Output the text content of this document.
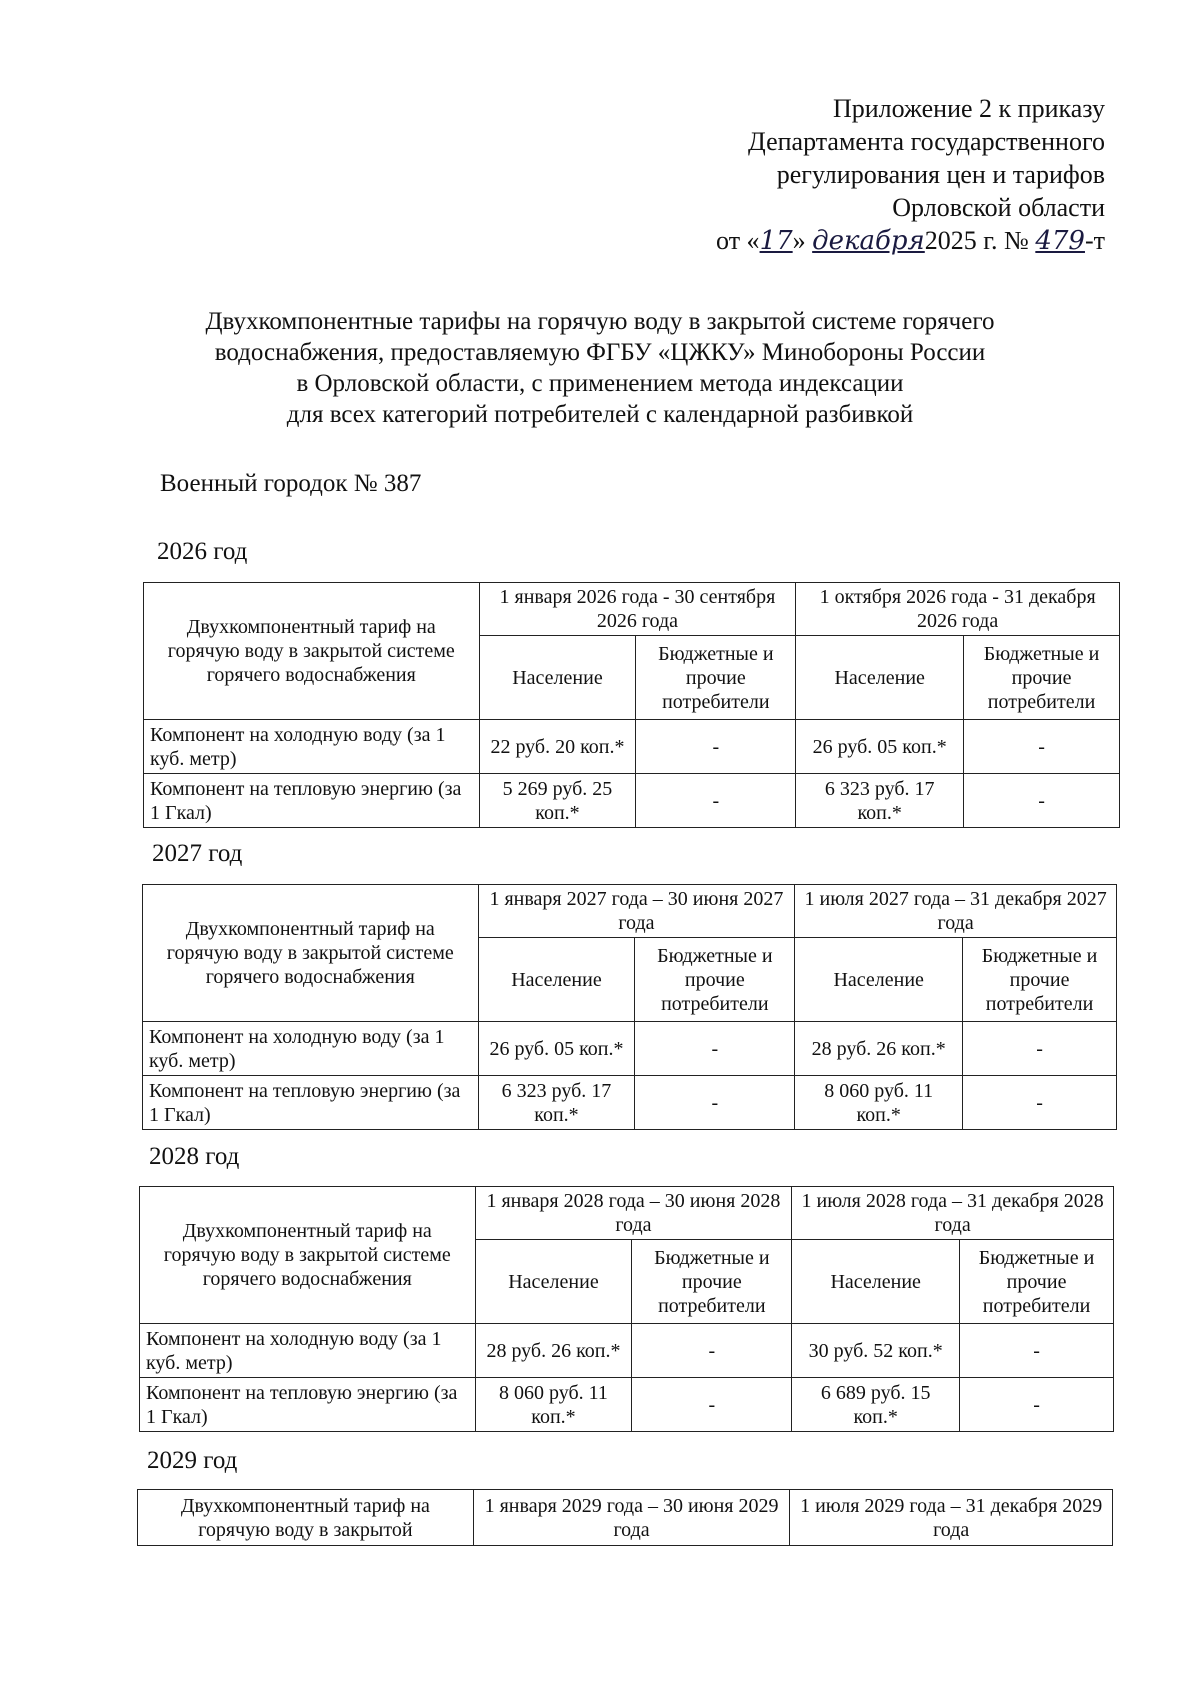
Приложение 2 к приказу
Департамента государственного
регулирования цен и тарифов
Орловской области
от «17» декабря2025 г. № 479-т
Двухкомпонентные тарифы на горячую воду в закрытой системе горячего
водоснабжения, предоставляемую ФГБУ «ЦЖКУ» Минобороны России
в Орловской области, с применением метода индексации
для всех категорий потребителей с календарной разбивкой
Военный городок № 387
2026 год
Двухкомпонентный тариф на горячую воду в закрытой системе горячего водоснабжения	1 января 2026 года - 30 сентября 2026 года		1 октября 2026 года - 31 декабря 2026 года	
	Население	Бюджетные и прочие потребители	Население	Бюджетные и прочие потребители
Компонент на холодную воду (за 1 куб. метр)	22 руб. 20 коп.*	-	26 руб. 05 коп.*	-
Компонент на тепловую энергию (за 1 Гкал)	5 269 руб. 25 коп.*	-	6 323 руб. 17 коп.*	-
2027 год
Двухкомпонентный тариф на горячую воду в закрытой системе горячего водоснабжения	1 января 2027 года – 30 июня 2027 года		1 июля 2027 года – 31 декабря 2027 года	
	Население	Бюджетные и прочие потребители	Население	Бюджетные и прочие потребители
Компонент на холодную воду (за 1 куб. метр)	26 руб. 05 коп.*	-	28 руб. 26 коп.*	-
Компонент на тепловую энергию (за 1 Гкал)	6 323 руб. 17 коп.*	-	8 060 руб. 11 коп.*	-
2028 год
Двухкомпонентный тариф на горячую воду в закрытой системе горячего водоснабжения	1 января 2028 года – 30 июня 2028 года		1 июля 2028 года – 31 декабря 2028 года	
	Население	Бюджетные и прочие потребители	Население	Бюджетные и прочие потребители
Компонент на холодную воду (за 1 куб. метр)	28 руб. 26 коп.*	-	30 руб. 52 коп.*	-
Компонент на тепловую энергию (за 1 Гкал)	8 060 руб. 11 коп.*	-	6 689 руб. 15 коп.*	-
2029 год
Двухкомпонентный тариф на горячую воду в закрытой	1 января 2029 года – 30 июня 2029 года	1 июля 2029 года – 31 декабря 2029 года
